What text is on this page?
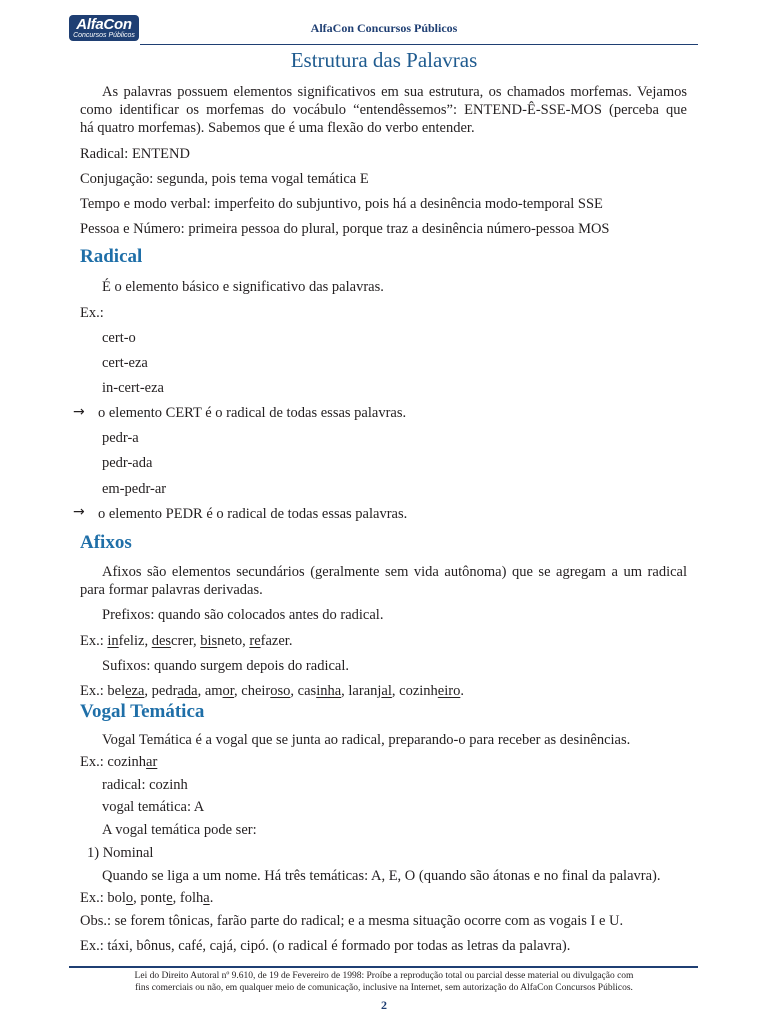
AlfaCon
Concursos Públicos
AlfaCon Concursos Públicos
Estrutura das Palavras
As palavras possuem elementos significativos em sua estrutura, os chamados morfemas. Vejamos
como identificar os morfemas do vocábulo “entendêssemos”: ENTEND-Ê-SSE-MOS (perceba que
há quatro morfemas). Sabemos que é uma flexão do verbo entender.
Radical: ENTEND
Conjugação: segunda, pois tema vogal temática E
Tempo e modo verbal: imperfeito do subjuntivo, pois há a desinência modo-temporal SSE
Pessoa e Número: primeira pessoa do plural, porque traz a desinência número-pessoa MOS
Radical
É o elemento básico e significativo das palavras.
Ex.:
cert-o
cert-eza
in-cert-eza
→ o elemento CERT é o radical de todas essas palavras.
pedr-a
pedr-ada
em-pedr-ar
→ o elemento PEDR é o radical de todas essas palavras.
Afixos
Afixos são elementos secundários (geralmente sem vida autônoma) que se agregam a um radical
para formar palavras derivadas.
Prefixos: quando são colocados antes do radical.
Ex.: infeliz, descrer, bisneto, refazer.
Sufixos: quando surgem depois do radical.
Ex.: beleza, pedrada, amor, cheiroso, casinha, laranjal, cozinheiro.
Vogal Temática
Vogal Temática é a vogal que se junta ao radical, preparando-o para receber as desinências.
Ex.: cozinhar
radical: cozinh
vogal temática: A
A vogal temática pode ser:
1) Nominal
Quando se liga a um nome. Há três temáticas: A, E, O (quando são átonas e no final da palavra).
Ex.: bolo, ponte, folha.
Obs.: se forem tônicas, farão parte do radical; e a mesma situação ocorre com as vogais I e U.
Ex.: táxi, bônus, café, cajá, cipó. (o radical é formado por todas as letras da palavra).
Lei do Direito Autoral nº 9.610, de 19 de Fevereiro de 1998: Proíbe a reprodução total ou parcial desse material ou divulgação com
fins comerciais ou não, em qualquer meio de comunicação, inclusive na Internet, sem autorização do AlfaCon Concursos Públicos.
2
